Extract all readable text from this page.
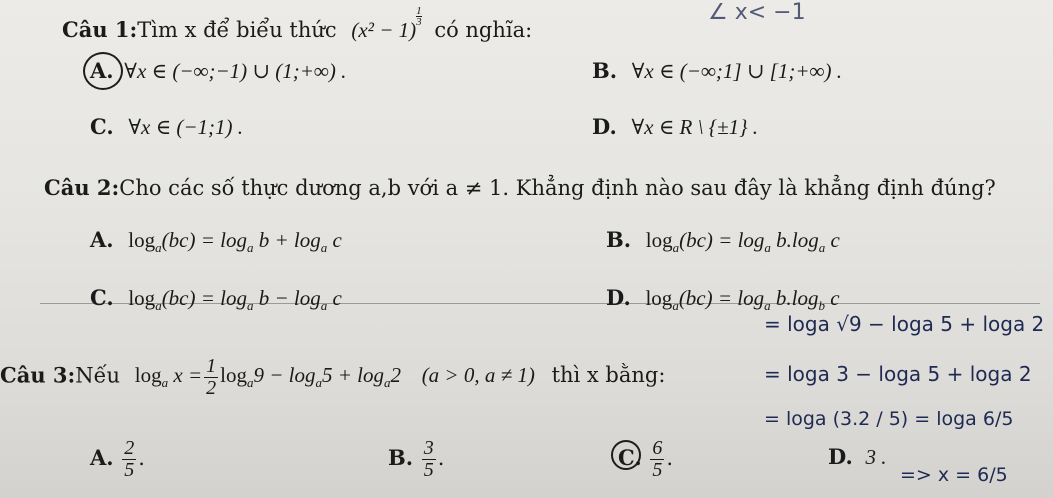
Câu 1:Tìm x để biểu thức (x² − 1)
$\frac{1}{3}$
có nghĩa:
∠ x< −1
A. ∀x ∈ (−∞;−1) ∪ (1;+∞) .	B. ∀x ∈ (−∞;1] ∪ [1;+∞) .
C. ∀x ∈ (−1;1) .	D. ∀x ∈ R \ {±1} .
Câu 2:Cho các số thực dương a,b với a ≠ 1. Khẳng định nào sau đây là khẳng định đúng?
A. $\log_a(bc) = \log_a b + \log_a c$	B. $\log_a(bc) = \log_a b.\log_a$ c
C. $\log_a(bc) = \log_a b - \log_a c$	D. $\log_a(bc) = \log_a b.\log_b$ c
Câu 3:Nếu $\log_a x = \frac{1}{2} \log_a9 - \log_a5 + \log_a2$ (a > 0, a ≠ 1) thì x bằng:
A. $\frac{2}{5}$ .	B. $\frac{3}{5}$ .	C. $\frac{6}{5}$ .	D. 3 .
= loga √9 − loga 5 + loga 2
= loga 3 − loga 5 + loga 2
= loga (3.2 / 5) = loga 6/5
=> x = 6/5
